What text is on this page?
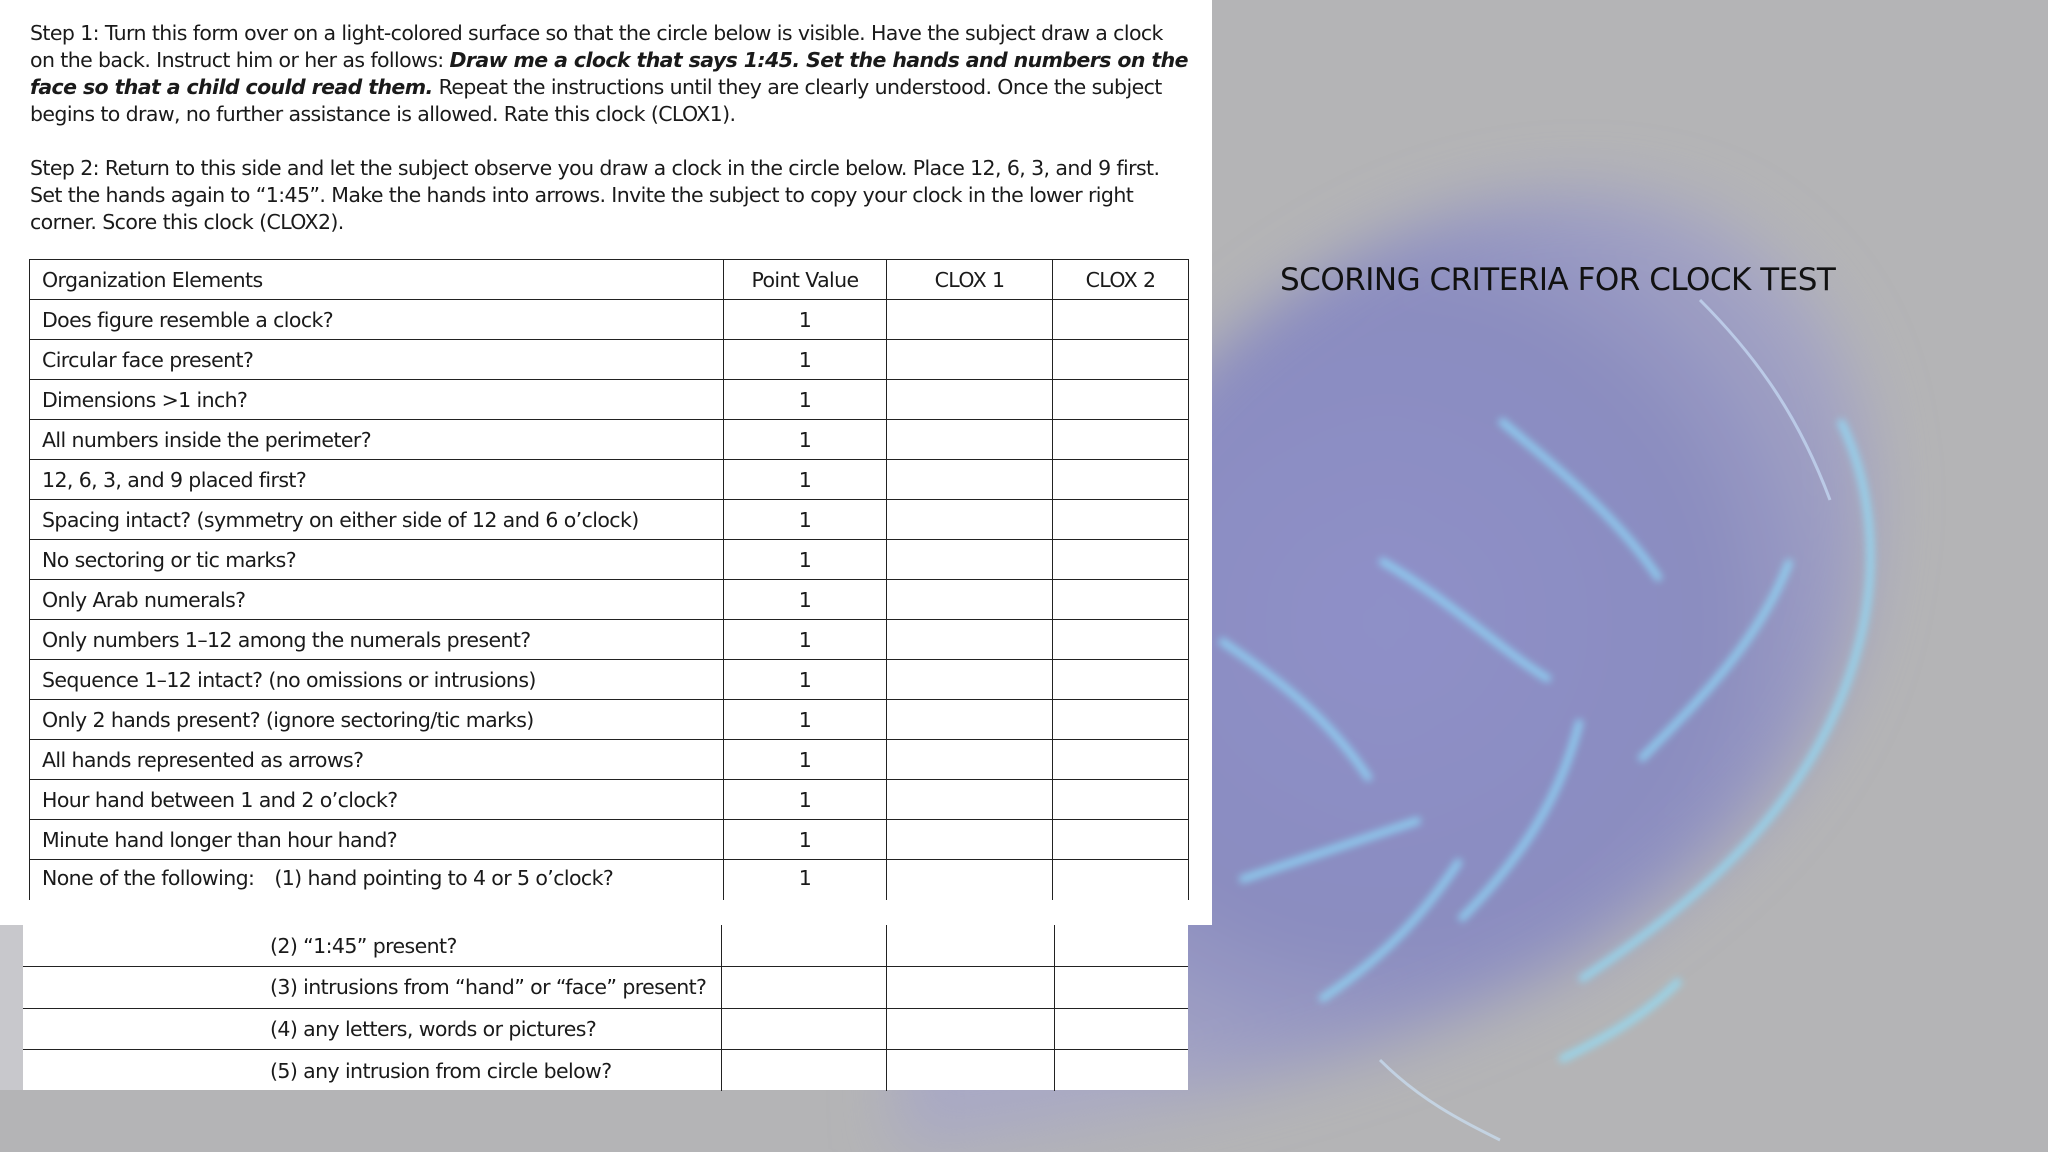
Step 1: Turn this form over on a light-colored surface so that the circle below is visible. Have the subject draw a clock on the back. Instruct him or her as follows: Draw me a clock that says 1:45. Set the hands and numbers on the face so that a child could read them. Repeat the instructions until they are clearly understood. Once the subject begins to draw, no further assistance is allowed. Rate this clock (CLOX1).

Step 2: Return to this side and let the subject observe you draw a clock in the circle below. Place 12, 6, 3, and 9 first. Set the hands again to “1:45”. Make the hands into arrows. Invite the subject to copy your clock in the lower right corner. Score this clock (CLOX2).

SCORING CRITERIA FOR CLOCK TEST
Organization Elements	Point Value	CLOX 1	CLOX 2
Does figure resemble a clock?	1		
Circular face present?	1		
Dimensions >1 inch?	1		
All numbers inside the perimeter?	1		
12, 6, 3, and 9 placed first?	1		
Spacing intact? (symmetry on either side of 12 and 6 o’clock)	1		
No sectoring or tic marks?	1		
Only Arab numerals?	1		
Only numbers 1–12 among the numerals present?	1		
Sequence 1–12 intact? (no omissions or intrusions)	1		
Only 2 hands present? (ignore sectoring/tic marks)	1		
All hands represented as arrows?	1		
Hour hand between 1 and 2 o’clock?	1		
Minute hand longer than hour hand?	1		
None of the following: (1) hand pointing to 4 or 5 o’clock?	1		
(2) “1:45” present?			
(3) intrusions from “hand” or “face” present?			
(4) any letters, words or pictures?			
(5) any intrusion from circle below?			
